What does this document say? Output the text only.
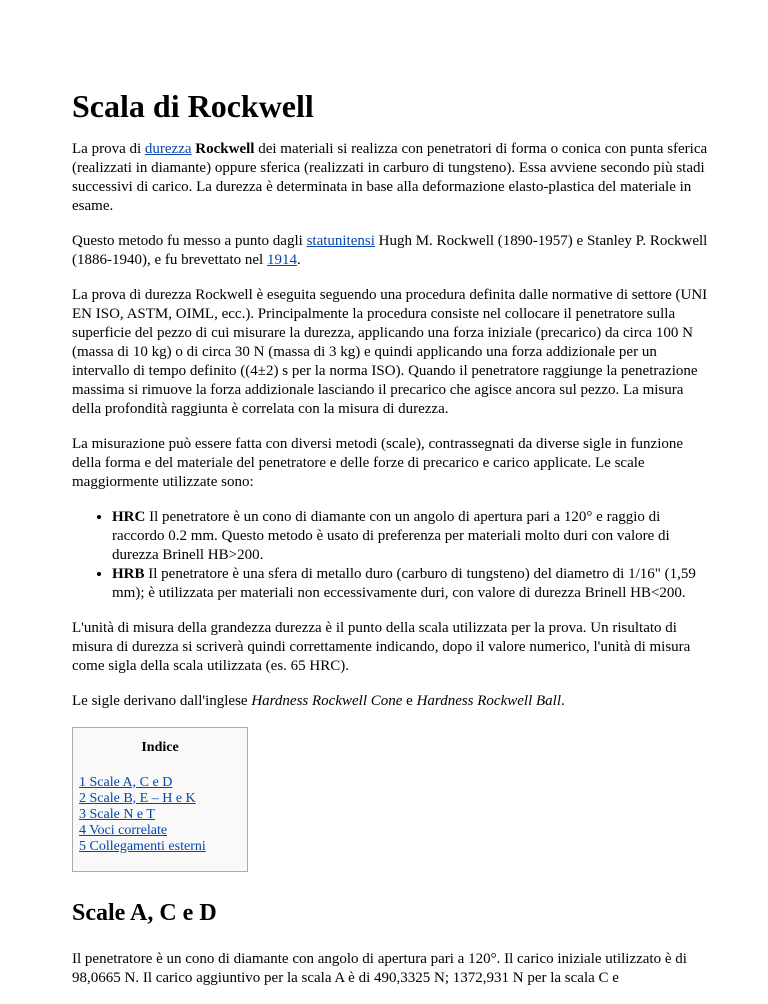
Scala di Rockwell

La prova di durezza Rockwell dei materiali si realizza con penetratori di forma o conica con punta sferica (realizzati in diamante) oppure sferica (realizzati in carburo di tungsteno). Essa avviene secondo più stadi successivi di carico. La durezza è determinata in base alla deformazione elasto-plastica del materiale in esame.

Questo metodo fu messo a punto dagli statunitensi Hugh M. Rockwell (1890-1957) e Stanley P. Rockwell (1886-1940), e fu brevettato nel 1914.

La prova di durezza Rockwell è eseguita seguendo una procedura definita dalle normative di settore (UNI EN ISO, ASTM, OIML, ecc.). Principalmente la procedura consiste nel collocare il penetratore sulla superficie del pezzo di cui misurare la durezza, applicando una forza iniziale (precarico) da circa 100 N (massa di 10 kg) o di circa 30 N (massa di 3 kg) e quindi applicando una forza addizionale per un intervallo di tempo definito ((4±2) s per la norma ISO). Quando il penetratore raggiunge la penetrazione massima si rimuove la forza addizionale lasciando il precarico che agisce ancora sul pezzo. La misura della profondità raggiunta è correlata con la misura di durezza.

La misurazione può essere fatta con diversi metodi (scale), contrassegnati da diverse sigle in funzione della forma e del materiale del penetratore e delle forze di precarico e carico applicate. Le scale maggiormente utilizzate sono:

• HRC Il penetratore è un cono di diamante con un angolo di apertura pari a 120° e raggio di raccordo 0.2 mm. Questo metodo è usato di preferenza per materiali molto duri con valore di durezza Brinell HB>200.
• HRB Il penetratore è una sfera di metallo duro (carburo di tungsteno) del diametro di 1/16" (1,59 mm); è utilizzata per materiali non eccessivamente duri, con valore di durezza Brinell HB<200.

L'unità di misura della grandezza durezza è il punto della scala utilizzata per la prova. Un risultato di misura di durezza si scriverà quindi correttamente indicando, dopo il valore numerico, l'unità di misura come sigla della scala utilizzata (es. 65 HRC).

Le sigle derivano dall'inglese Hardness Rockwell Cone e Hardness Rockwell Ball.

Indice
1 Scale A, C e D
2 Scale B, E – H e K
3 Scale N e T
4 Voci correlate
5 Collegamenti esterni
Scale A, C e D

Il penetratore è un cono di diamante con angolo di apertura pari a 120°. Il carico iniziale utilizzato è di 98,0665 N. Il carico aggiuntivo per la scala A è di 490,3325 N; 1372,931 N per la scala C e
